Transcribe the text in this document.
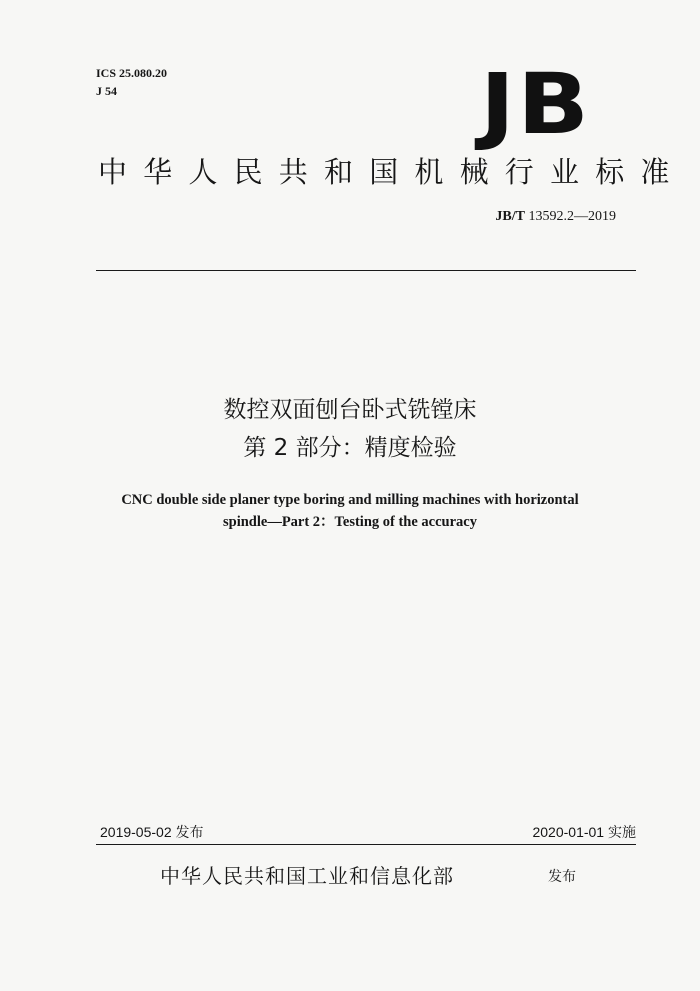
ICS 25.080.20
J 54	JB
中华人民共和国机械行业标准
JB/T 13592.2—2019
数控双面刨台卧式铣镗床
第 2 部分：精度检验
CNC double side planer type boring and milling machines with horizontal
spindle—Part 2：Testing of the accuracy
2019-05-02 发布	2020-01-01 实施
中华人民共和国工业和信息化部	发布
